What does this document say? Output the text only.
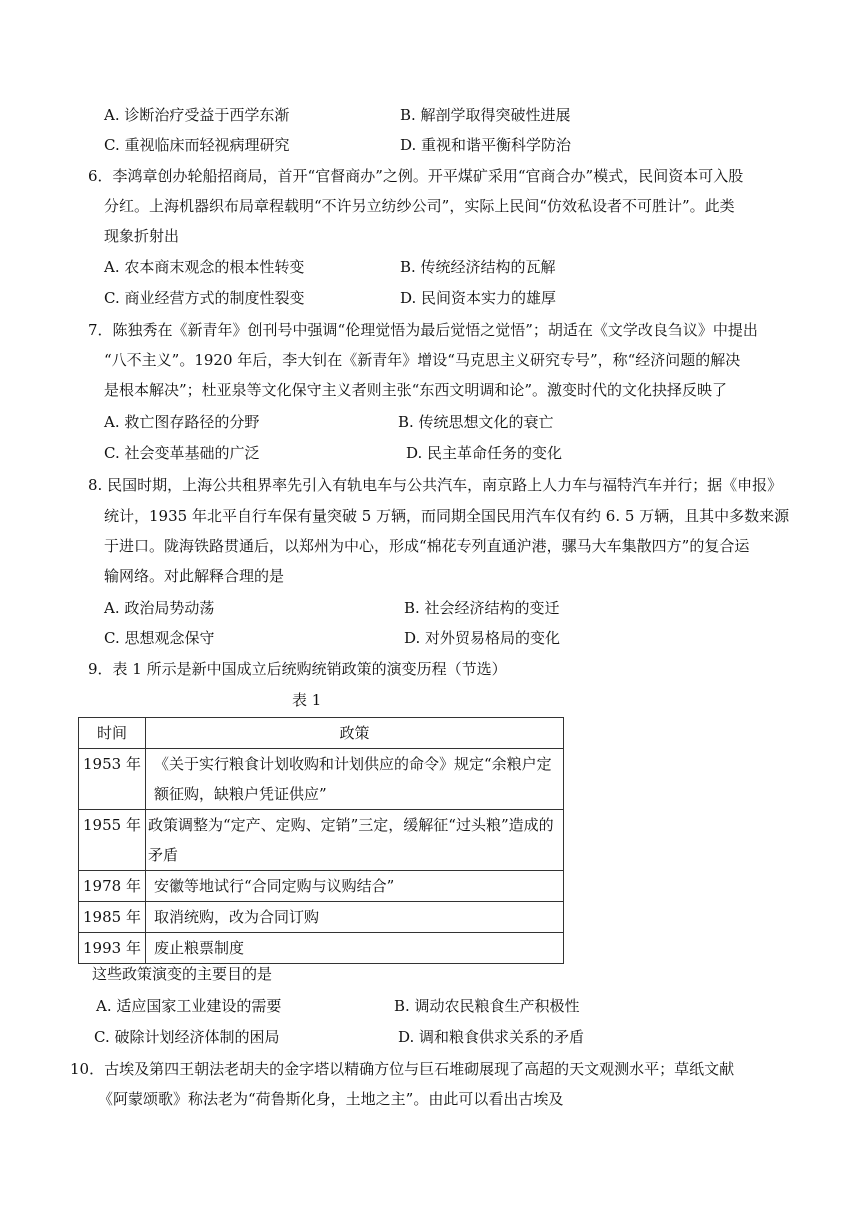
A. 诊断治疗受益于西学东渐	B. 解剖学取得突破性进展
C. 重视临床而轻视病理研究	D. 重视和谐平衡科学防治
6．李鸿章创办轮船招商局，首开“官督商办”之例。开平煤矿采用“官商合办”模式，民间资本可入股
分红。上海机器织布局章程载明“不许另立纺纱公司”，实际上民间“仿效私设者不可胜计”。此类
现象折射出
A. 农本商末观念的根本性转变	B. 传统经济结构的瓦解
C. 商业经营方式的制度性裂变	D. 民间资本实力的雄厚
7．陈独秀在《新青年》创刊号中强调“伦理觉悟为最后觉悟之觉悟”；胡适在《文学改良刍议》中提出
“八不主义”。1920 年后，李大钊在《新青年》增设“马克思主义研究专号”，称“经济问题的解决
是根本解决”；杜亚泉等文化保守主义者则主张“东西文明调和论”。激变时代的文化抉择反映了
A. 救亡图存路径的分野	B. 传统思想文化的衰亡
C. 社会变革基础的广泛	D. 民主革命任务的变化
8. 民国时期，上海公共租界率先引入有轨电车与公共汽车，南京路上人力车与福特汽车并行；据《申报》
统计，1935 年北平自行车保有量突破 5 万辆，而同期全国民用汽车仅有约 6. 5 万辆，且其中多数来源
于进口。陇海铁路贯通后，以郑州为中心，形成“棉花专列直通沪港，骡马大车集散四方”的复合运
输网络。对此解释合理的是
A. 政治局势动荡	B. 社会经济结构的变迁
C. 思想观念保守	D. 对外贸易格局的变化
9．表 1 所示是新中国成立后统购统销政策的演变历程（节选）
表 1
时间	政策
1953 年	《关于实行粮食计划收购和计划供应的命令》规定“余粮户定额征购，缺粮户凭证供应”
1955 年	政策调整为“定产、定购、定销”三定，缓解征“过头粮”造成的矛盾
1978 年	安徽等地试行“合同定购与议购结合”
1985 年	取消统购，改为合同订购
1993 年	废止粮票制度
这些政策演变的主要目的是
A. 适应国家工业建设的需要	B. 调动农民粮食生产积极性
C. 破除计划经济体制的困局	D. 调和粮食供求关系的矛盾
10．古埃及第四王朝法老胡夫的金字塔以精确方位与巨石堆砌展现了高超的天文观测水平；草纸文献
《阿蒙颂歌》称法老为“荷鲁斯化身，土地之主”。由此可以看出古埃及
